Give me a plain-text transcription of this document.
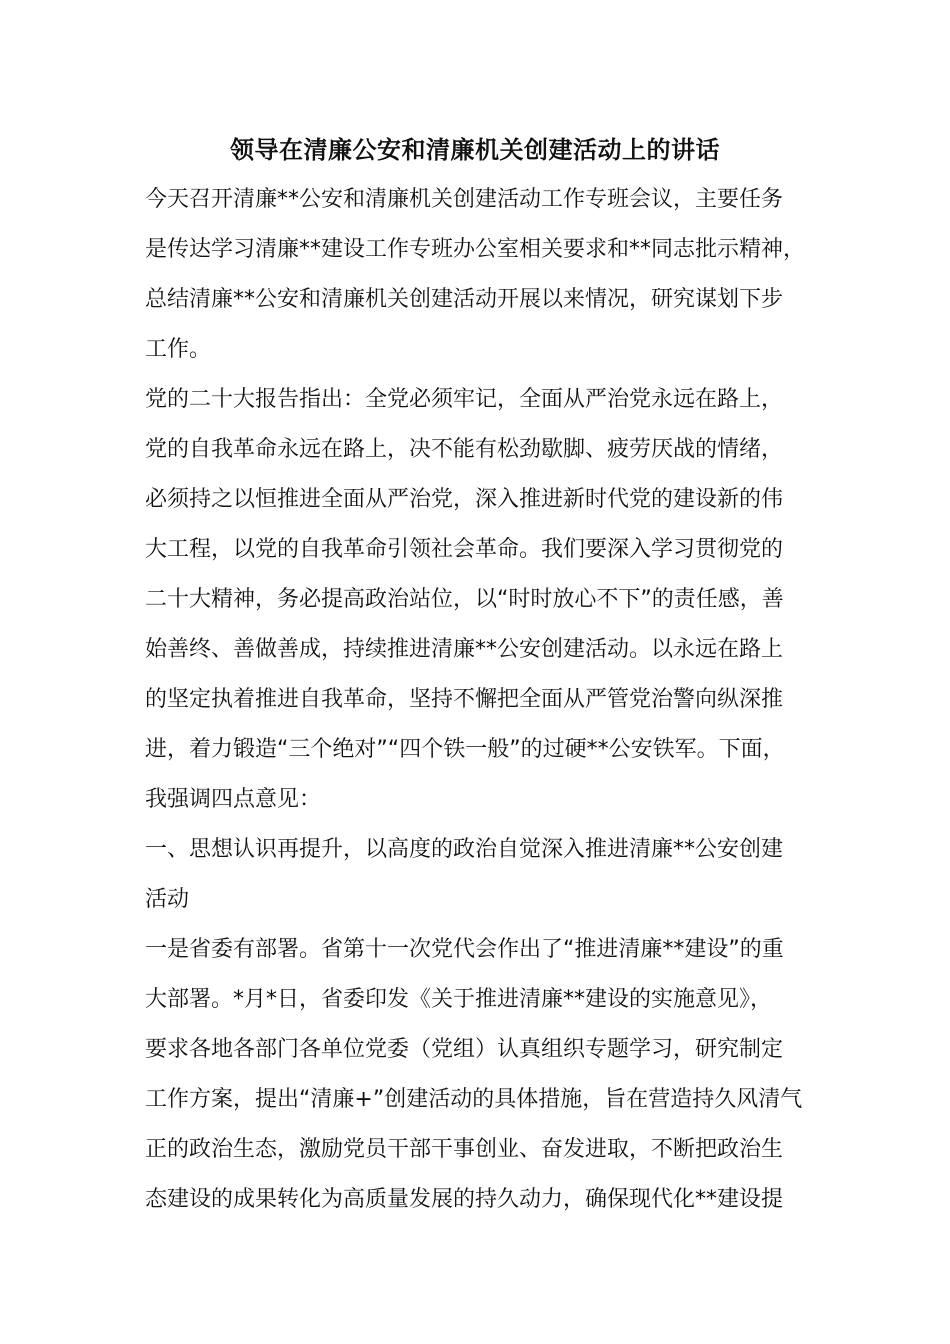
领导在清廉公安和清廉机关创建活动上的讲话
今天召开清廉**公安和清廉机关创建活动工作专班会议，主要任务
是传达学习清廉**建设工作专班办公室相关要求和**同志批示精神，
总结清廉**公安和清廉机关创建活动开展以来情况，研究谋划下步
工作。
党的二十大报告指出：全党必须牢记，全面从严治党永远在路上，
党的自我革命永远在路上，决不能有松劲歇脚、疲劳厌战的情绪，
必须持之以恒推进全面从严治党，深入推进新时代党的建设新的伟
大工程，以党的自我革命引领社会革命。我们要深入学习贯彻党的
二十大精神，务必提高政治站位，以“时时放心不下”的责任感，善
始善终、善做善成，持续推进清廉**公安创建活动。以永远在路上
的坚定执着推进自我革命，坚持不懈把全面从严管党治警向纵深推
进，着力锻造“三个绝对”“四个铁一般”的过硬**公安铁军。下面，
我强调四点意见：
一、思想认识再提升，以高度的政治自觉深入推进清廉**公安创建
活动
一是省委有部署。省第十一次党代会作出了“推进清廉**建设”的重
大部署。*月*日，省委印发《关于推进清廉**建设的实施意见》，
要求各地各部门各单位党委（党组）认真组织专题学习，研究制定
工作方案，提出“清廉+”创建活动的具体措施，旨在营造持久风清气
正的政治生态，激励党员干部干事创业、奋发进取，不断把政治生
态建设的成果转化为高质量发展的持久动力，确保现代化**建设提
